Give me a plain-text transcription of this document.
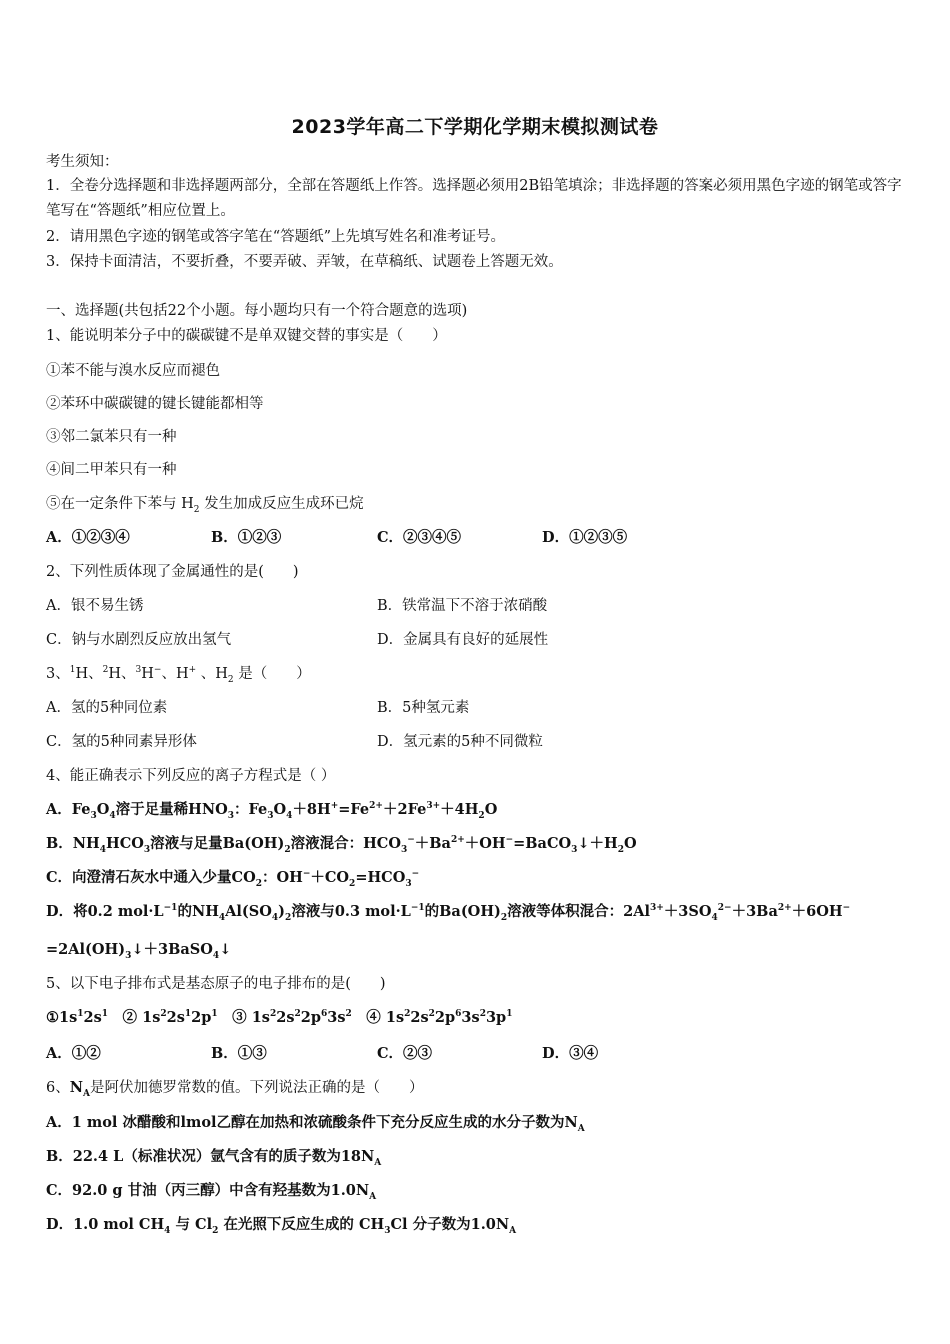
2023学年高二下学期化学期末模拟测试卷
考生须知：
1．全卷分选择题和非选择题两部分，全部在答题纸上作答。选择题必须用2B铅笔填涂；非选择题的答案必须用黑色字迹的钢笔或答字笔写在“答题纸”相应位置上。
2．请用黑色字迹的钢笔或答字笔在“答题纸”上先填写姓名和准考证号。
3．保持卡面清洁，不要折叠，不要弄破、弄皱，在草稿纸、试题卷上答题无效。
一、选择题(共包括22个小题。每小题均只有一个符合题意的选项)
1、能说明苯分子中的碳碳键不是单双键交替的事实是（　　）
①苯不能与溴水反应而褪色
②苯环中碳碳键的键长键能都相等
③邻二氯苯只有一种
④间二甲苯只有一种
⑤在一定条件下苯与 $H_2$ 发生加成反应生成环已烷
A．①②③④	B．①②③	C．②③④⑤	D．①②③⑤
2、下列性质体现了金属通性的是(　　)
A．银不易生锈	B．铁常温下不溶于浓硝酸
C．钠与水剧烈反应放出氢气	D．金属具有良好的延展性
3、$^1$H、$^2$H、$^3$H−、H+ 、$H_2$ 是（　　）
A．氢的5种同位素	B．5种氢元素
C．氢的5种同素异形体	D．氢元素的5种不同微粒
4、能正确表示下列反应的离子方程式是（ ）
A．$Fe_3O_4$溶于足量稀$HNO_3$：$Fe_3O_4+8H^+=Fe^{2+}+2Fe^{3+}+4H_2O$
B．$NH_4HCO_3$溶液与足量$Ba(OH)_2$溶液混合：$HCO_3^-+Ba^{2+}+OH^-=BaCO_3↓+H_2O$
C．向澄清石灰水中通入少量$CO_2$：$OH^-+CO_2=HCO_3^-$
D．将0.2 $mol\cdot L^{-1}$的$NH_4Al(SO_4)_2$溶液与0.3 $mol\cdot L^{-1}$的$Ba(OH)_2$溶液等体积混合：$2Al^{3+}+3SO_4^{2-}+3Ba^{2+}+6OH^-$
$=2Al(OH)_3↓+3BaSO_4↓$
5、以下电子排布式是基态原子的电子排布的是(　　)
$①1s^12s^1$　② $1s^22s^12p^1$　③ $1s^22s^22p^63s^2$　④ $1s^22s^22p^63s^23p^1$
A．①②	B．①③	C．②③	D．③④
6、$N_A$是阿伏加德罗常数的值。下列说法正确的是（　　）
A．1 mol 冰醋酸和lmol乙醇在加热和浓硫酸条件下充分反应生成的水分子数为$N_A$
B．22.4 L（标准状况）氩气含有的质子数为$18N_A$
C．92.0 g 甘油（丙三醇）中含有羟基数为$1.0N_A$
D．1.0 mol $CH_4$ 与 $Cl_2$ 在光照下反应生成的 $CH_3Cl$ 分子数为$1.0N_A$
